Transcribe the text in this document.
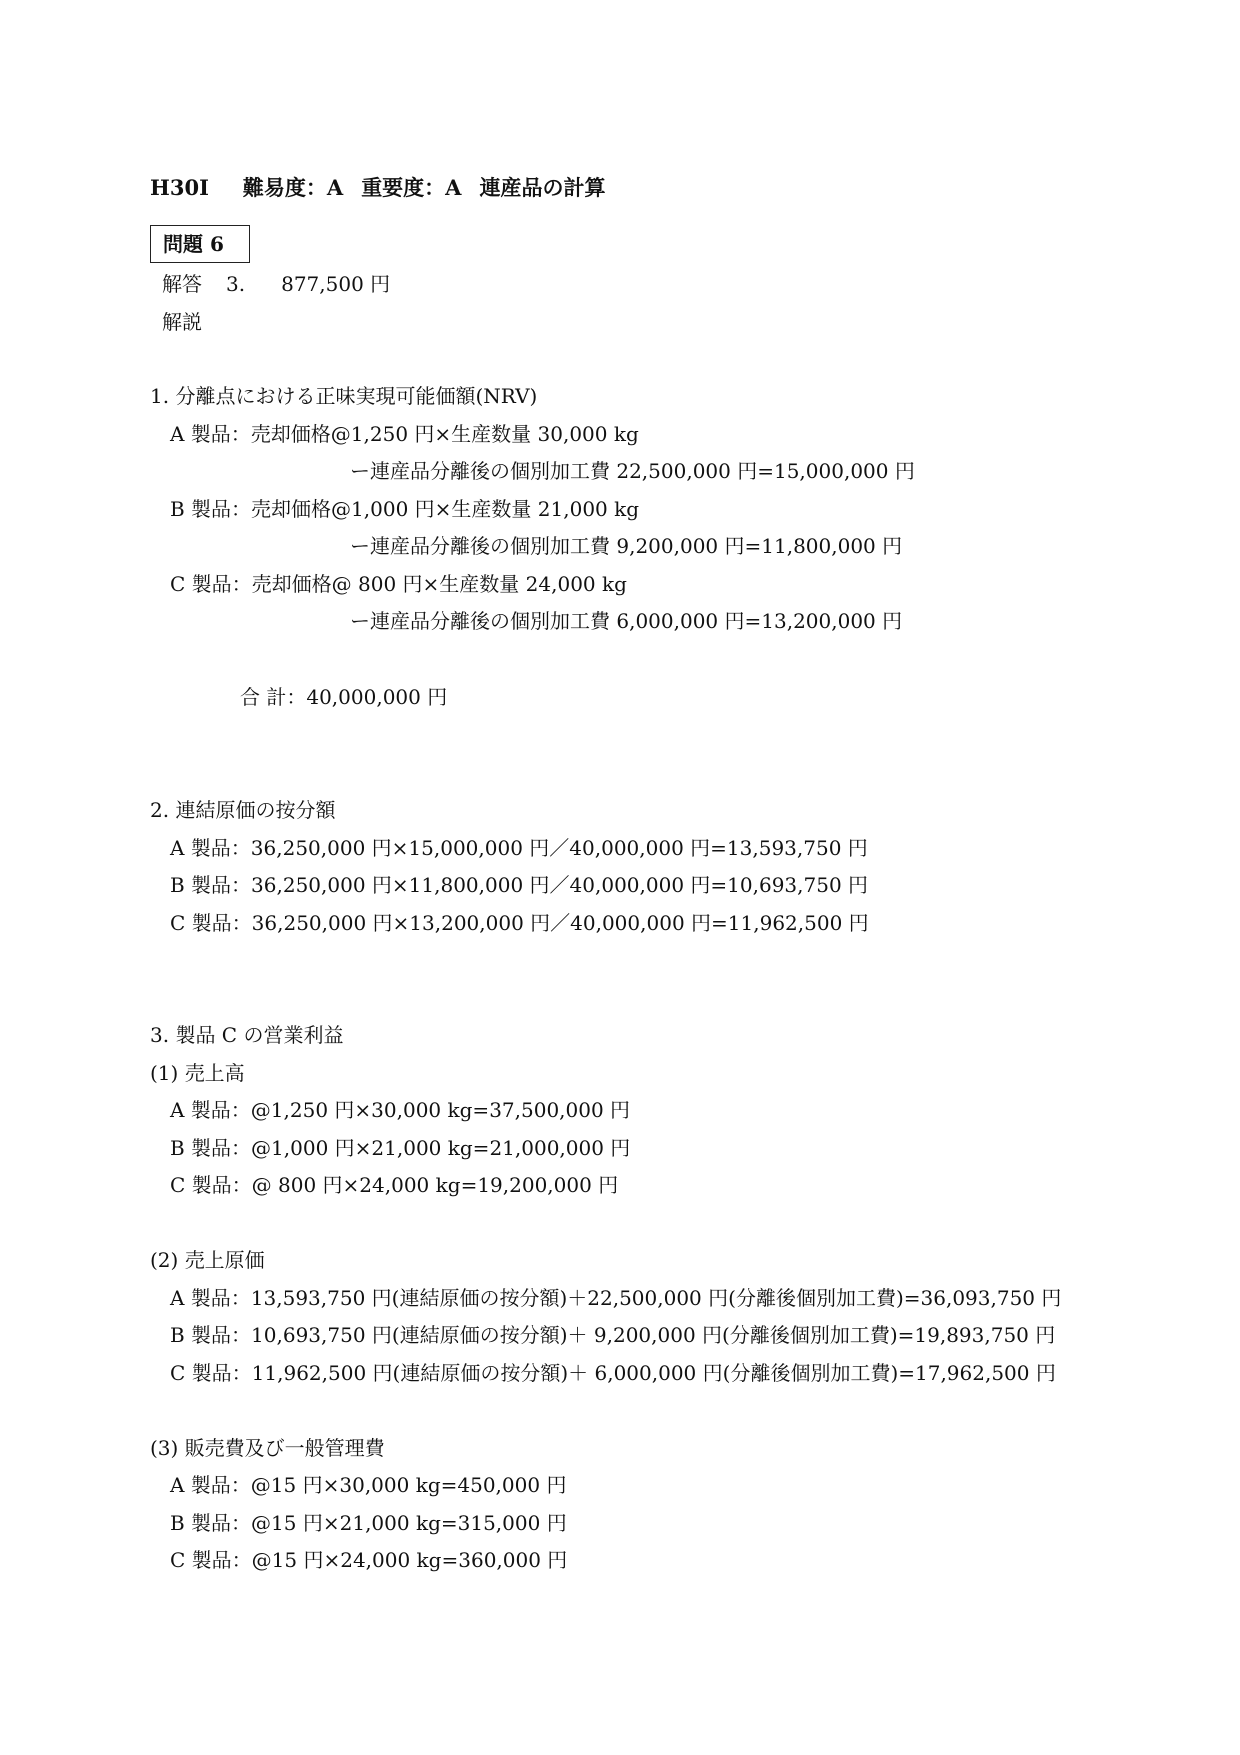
H30I 難易度：A 重要度：A 連産品の計算
問題 6
解答 3. 877,500 円
解説
1. 分離点における正味実現可能価額(NRV)
A 製品：売却価格@1,250 円×生産数量 30,000 kg
ー連産品分離後の個別加工費 22,500,000 円=15,000,000 円
B 製品：売却価格@1,000 円×生産数量 21,000 kg
ー連産品分離後の個別加工費 9,200,000 円=11,800,000 円
C 製品：売却価格@ 800 円×生産数量 24,000 kg
ー連産品分離後の個別加工費 6,000,000 円=13,200,000 円
合 計：40,000,000 円
2. 連結原価の按分額
A 製品：36,250,000 円×15,000,000 円／40,000,000 円=13,593,750 円
B 製品：36,250,000 円×11,800,000 円／40,000,000 円=10,693,750 円
C 製品：36,250,000 円×13,200,000 円／40,000,000 円=11,962,500 円
3. 製品 C の営業利益
(1) 売上高
A 製品：@1,250 円×30,000 kg=37,500,000 円
B 製品：@1,000 円×21,000 kg=21,000,000 円
C 製品：@ 800 円×24,000 kg=19,200,000 円
(2) 売上原価
A 製品：13,593,750 円(連結原価の按分額)＋22,500,000 円(分離後個別加工費)=36,093,750 円
B 製品：10,693,750 円(連結原価の按分額)＋ 9,200,000 円(分離後個別加工費)=19,893,750 円
C 製品：11,962,500 円(連結原価の按分額)＋ 6,000,000 円(分離後個別加工費)=17,962,500 円
(3) 販売費及び一般管理費
A 製品：@15 円×30,000 kg=450,000 円
B 製品：@15 円×21,000 kg=315,000 円
C 製品：@15 円×24,000 kg=360,000 円
